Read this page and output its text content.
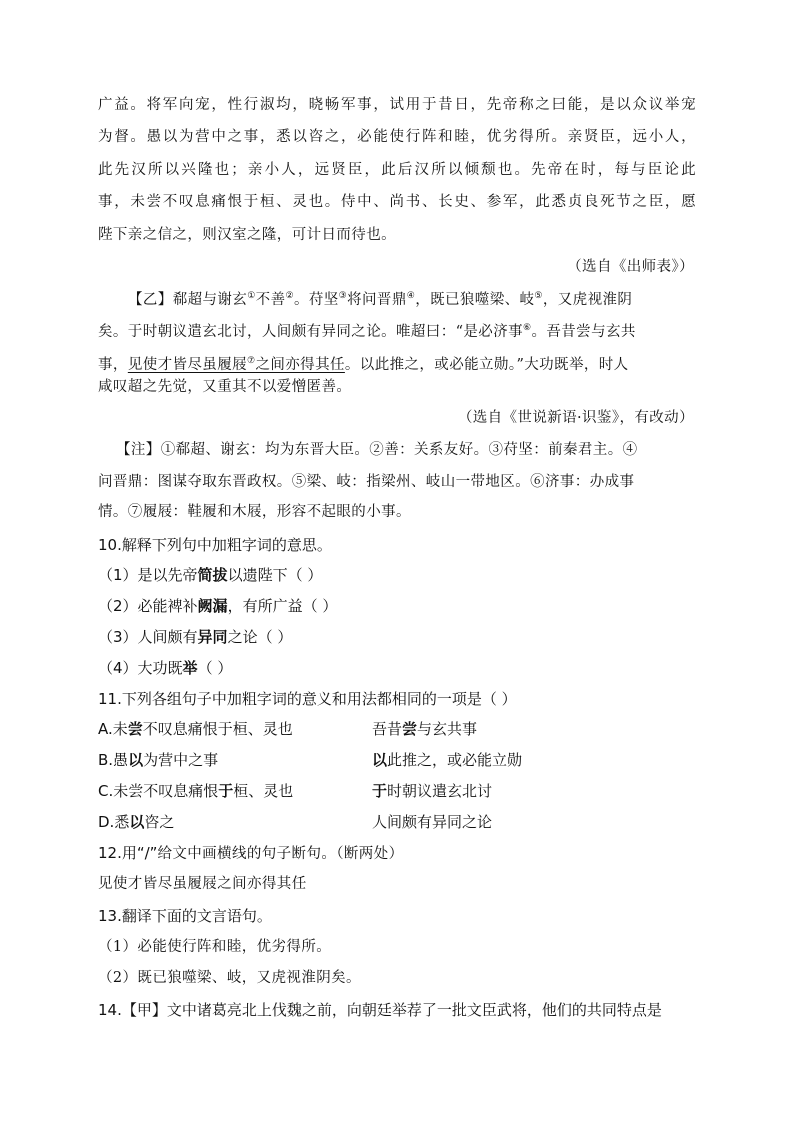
广益。将军向宠，性行淑均，晓畅军事，试用于昔日，先帝称之曰能，是以众议举宠
为督。愚以为营中之事，悉以咨之，必能使行阵和睦，优劣得所。亲贤臣，远小人，
此先汉所以兴隆也；亲小人，远贤臣，此后汉所以倾颓也。先帝在时，每与臣论此
事，未尝不叹息痛恨于桓、灵也。侍中、尚书、长史、参军，此悉贞良死节之臣，愿
陛下亲之信之，则汉室之隆，可计日而待也。
（选自《出师表》）
【乙】郗超与谢玄①不善②。苻坚③将问晋鼎④，既已狼噬梁、岐⑤，又虎视淮阴
矣。于时朝议遣玄北讨，人间颇有异同之论。唯超曰：“是必济事⑥。吾昔尝与玄共
事，见使才皆尽虽履屐⑦之间亦得其任。以此推之，或必能立勋。”大功既举，时人
咸叹超之先觉，又重其不以爱憎匿善。
（选自《世说新语·识鉴》，有改动）
【注】①郗超、谢玄：均为东晋大臣。②善：关系友好。③苻坚：前秦君主。④
问晋鼎：图谋夺取东晋政权。⑤梁、岐：指梁州、岐山一带地区。⑥济事：办成事
情。⑦履屐：鞋履和木屐，形容不起眼的小事。
10.解释下列句中加粗字词的意思。
（1）是以先帝简拔以遗陛下（ ）
（2）必能裨补阙漏，有所广益（ ）
（3）人间颇有异同之论（ ）
（4）大功既举（ ）
11.下列各组句子中加粗字词的意义和用法都相同的一项是（ ）
A.未尝不叹息痛恨于桓、灵也	吾昔尝与玄共事
B.愚以为营中之事	以此推之，或必能立勋
C.未尝不叹息痛恨于桓、灵也	于时朝议遣玄北讨
D.悉以咨之	人间颇有异同之论
12.用“/”给文中画横线的句子断句。（断两处）
见使才皆尽虽履屐之间亦得其任
13.翻译下面的文言语句。
（1）必能使行阵和睦，优劣得所。
（2）既已狼噬梁、岐，又虎视淮阴矣。
14.【甲】文中诸葛亮北上伐魏之前，向朝廷举荐了一批文臣武将，他们的共同特点是
